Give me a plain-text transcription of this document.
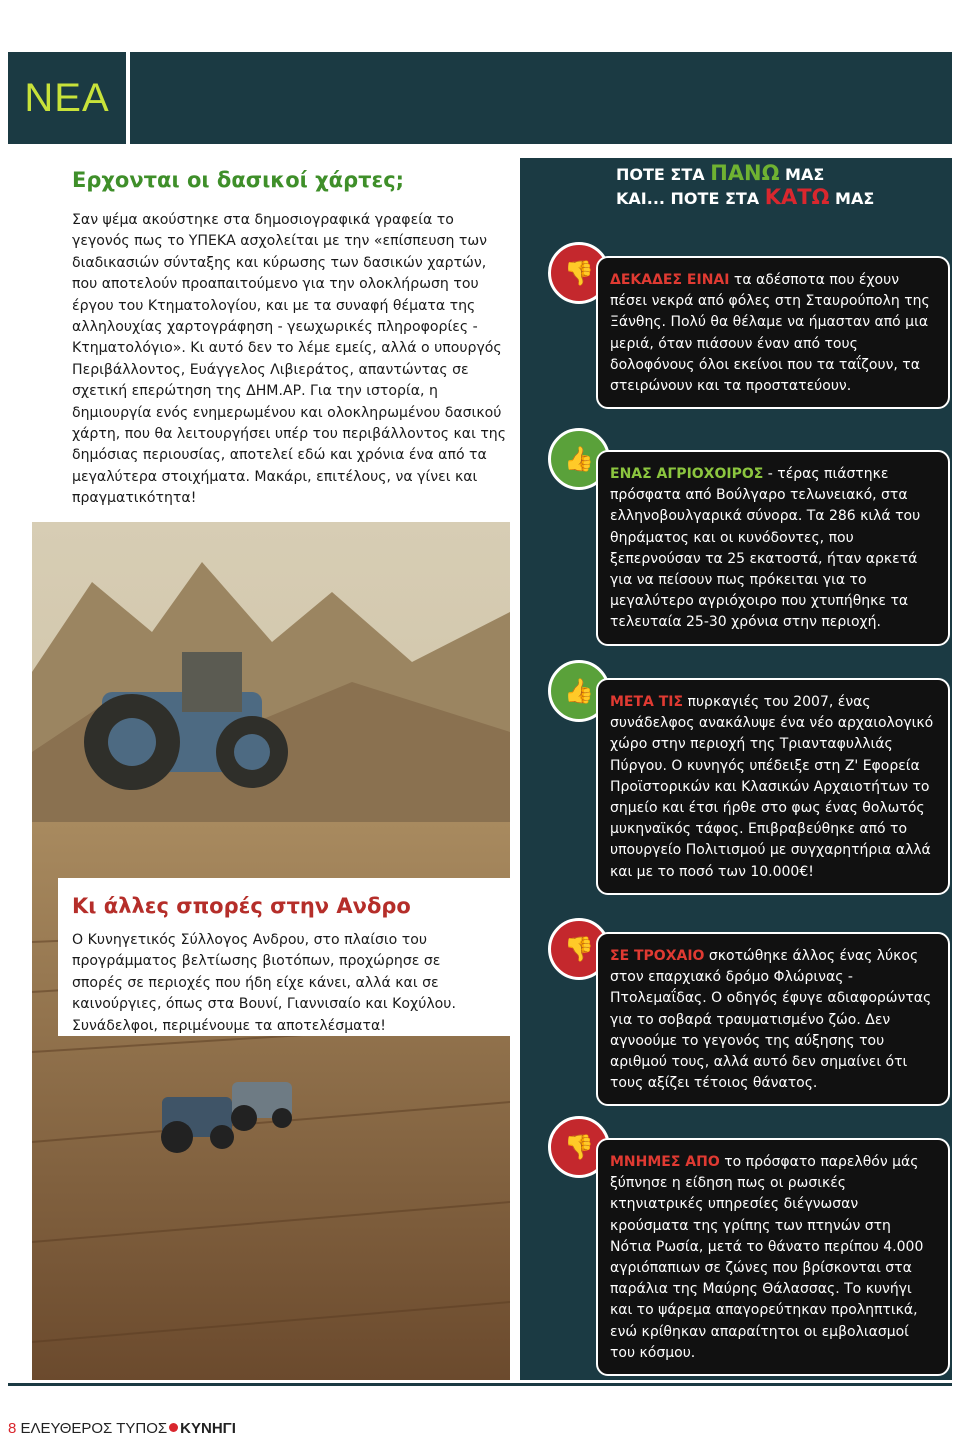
ΝΕΑ
Ερχονται οι δασικοί χάρτες;
Σαν ψέμα ακούστηκε στα δημοσιογραφικά γραφεία το γεγονός πως το ΥΠΕΚΑ ασχολείται με την «επίσπευση των διαδικασιών σύνταξης και κύρωσης των δασικών χαρτών, που αποτελούν προαπαιτούμενο για την ολοκλήρωση του έργου του Κτηματολογίου, και με τα συναφή θέματα της αλληλουχίας χαρτογράφηση - γεωχωρικές πληροφορίες - Κτηματολόγιο». Κι αυτό δεν το λέμε εμείς, αλλά ο υπουργός Περιβάλλοντος, Ευάγγελος Λιβιεράτος, απαντώντας σε σχετική επερώτηση της ΔΗΜ.ΑΡ. Για την ιστορία, η δημιουργία ενός ενημερωμένου και ολοκληρωμένου δασικού χάρτη, που θα λειτουργήσει υπέρ του περιβάλλοντος και της δημόσιας περιουσίας, αποτελεί εδώ και χρόνια ένα από τα μεγαλύτερα στοιχήματα. Μακάρι, επιτέλους, να γίνει και πραγματικότητα!
Κι άλλες σπορές στην Ανδρο
Ο Κυνηγετικός Σύλλογος Ανδρου, στο πλαίσιο του προγράμματος βελτίωσης βιοτόπων, προχώρησε σε σπορές σε περιοχές που ήδη είχε κάνει, αλλά και σε καινούργιες, όπως στα Βουνί, Γιαννισαίο και Κοχύλου. Συνάδελφοι, περιμένουμε τα αποτελέσματα!
ΠΟΤΕ ΣΤΑ ΠΑΝΩ ΜΑΣ
ΚΑΙ... ΠΟΤΕ ΣΤΑ ΚΑΤΩ ΜΑΣ
👎	ΔΕΚΑΔΕΣ ΕΙΝΑΙ τα αδέσποτα που έχουν πέσει νεκρά από φόλες στη Σταυρούπολη της Ξάνθης. Πολύ θα θέλαμε να ήμασταν από μια μεριά, όταν πιάσουν έναν από τους δολοφόνους όλοι εκείνοι που τα ταΐζουν, τα στειρώνουν και τα προστατεύουν.
👍
ΕΝΑΣ ΑΓΡΙΟΧΟΙΡΟΣ - τέρας πιάστηκε πρόσφατα από Βούλγαρο τελωνειακό, στα ελληνοβουλγαρικά σύνορα. Τα 286 κιλά του θηράματος και οι κυνόδοντες, που ξεπερνούσαν τα 25 εκατοστά, ήταν αρκετά για να πείσουν πως πρόκειται για το μεγαλύτερο αγριόχοιρο που χτυπήθηκε τα τελευταία 25-30 χρόνια στην περιοχή.
👍	ΜΕΤΑ ΤΙΣ πυρκαγιές του 2007, ένας συνάδελφος ανακάλυψε ένα νέο αρχαιολογικό χώρο στην περιοχή της Τριανταφυλλιάς Πύργου. Ο κυνηγός υπέδειξε στη Ζ' Εφορεία Προϊστορικών και Κλασικών Αρχαιοτήτων το σημείο και έτσι ήρθε στο φως ένας θολωτός μυκηναϊκός τάφος. Επιβραβεύθηκε από το υπουργείο Πολιτισμού με συγχαρητήρια αλλά και με το ποσό των 10.000€!
👎	ΣΕ ΤΡΟΧΑΙΟ σκοτώθηκε άλλος ένας λύκος στον επαρχιακό δρόμο Φλώρινας - Πτολεμαΐδας. Ο οδηγός έφυγε αδιαφορώντας για το σοβαρά τραυματισμένο ζώο. Δεν αγνοούμε το γεγονός της αύξησης του αριθμού τους, αλλά αυτό δεν σημαίνει ότι τους αξίζει τέτοιος θάνατος.
👎
ΜΝΗΜΕΣ ΑΠΟ το πρόσφατο παρελθόν μάς ξύπνησε η είδηση πως οι ρωσικές κτηνιατρικές υπηρεσίες διέγνωσαν κρούσματα της γρίπης των πτηνών στη Νότια Ρωσία, μετά το θάνατο περίπου 4.000 αγριόπαπιων σε ζώνες που βρίσκονται στα παράλια της Μαύρης Θάλασσας. Το κυνήγι και το ψάρεμα απαγορεύτηκαν προληπτικά, ενώ κρίθηκαν απαραίτητοι οι εμβολιασμοί του κόσμου.
8 ΕΛΕΥΘΕΡΟΣ ΤΥΠΟΣ ΚΥΝΗΓΙ
